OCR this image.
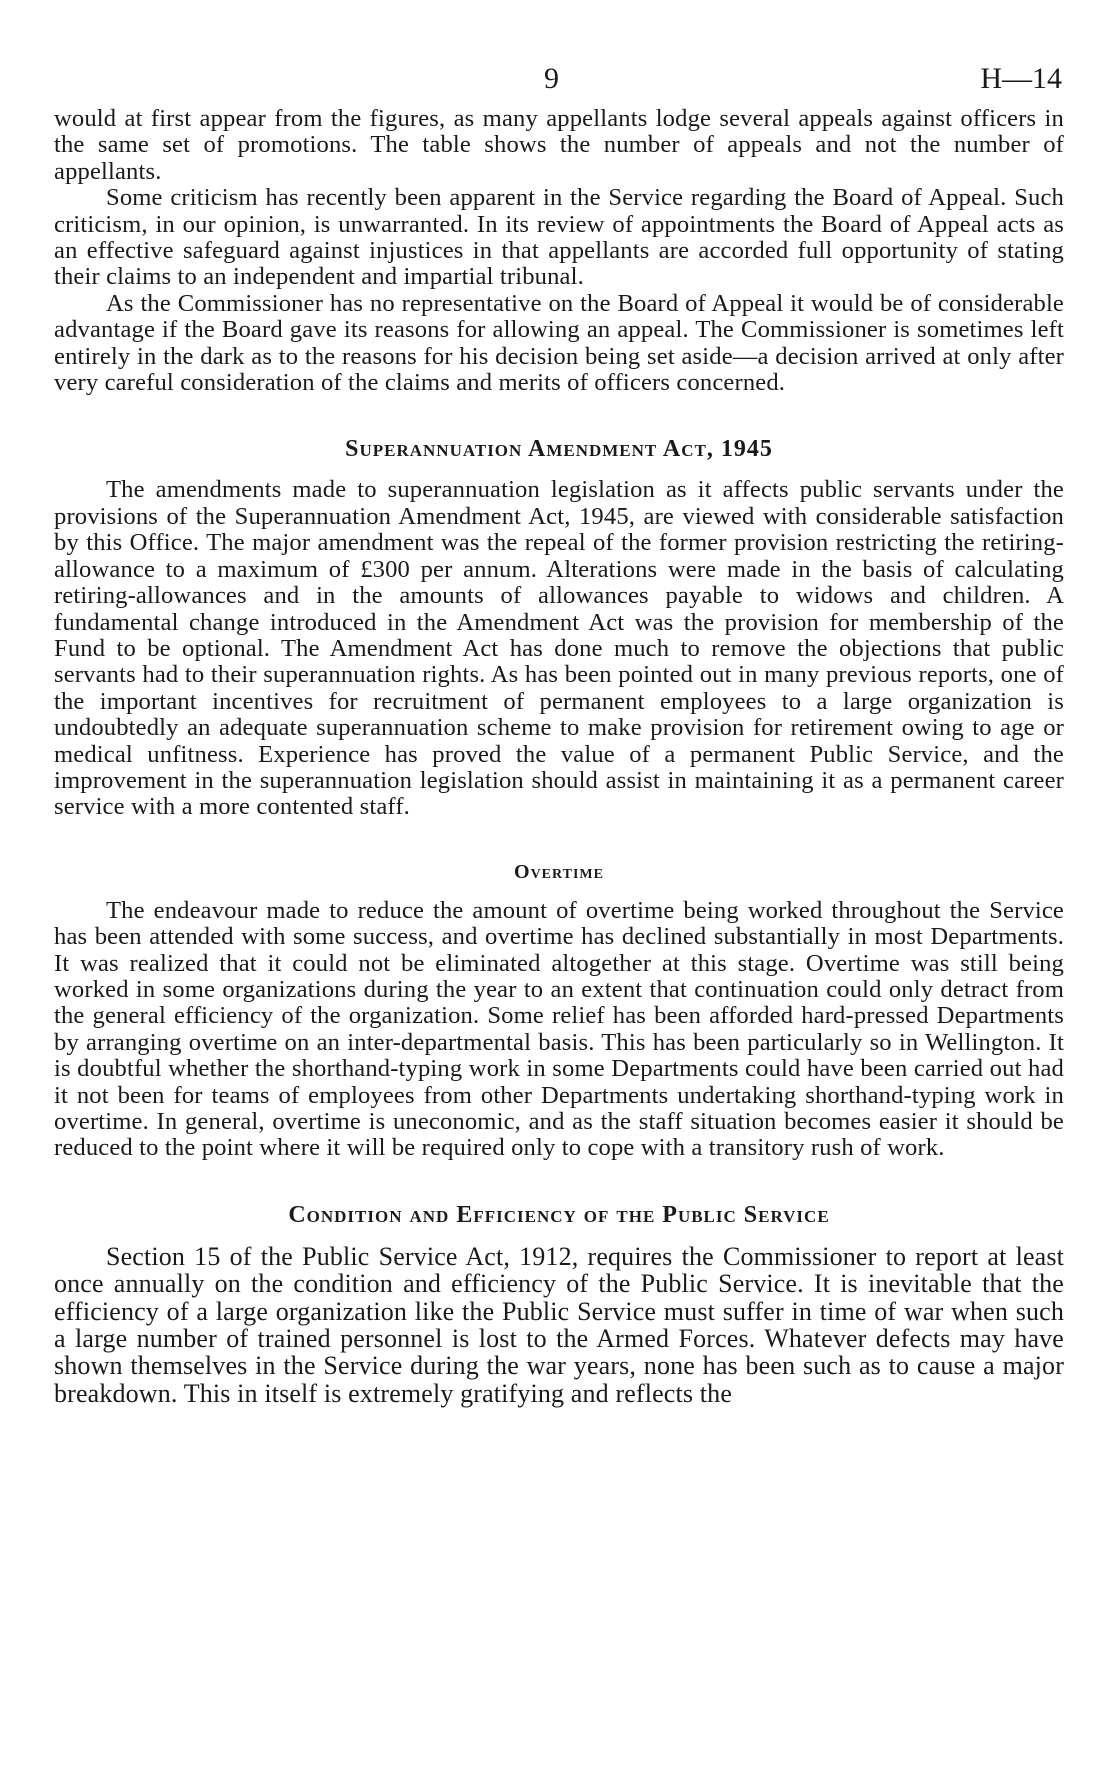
9	H—14

would at first appear from the figures, as many appellants lodge several appeals against officers in the same set of promotions. The table shows the number of appeals and not the number of appellants.

Some criticism has recently been apparent in the Service regarding the Board of Appeal. Such criticism, in our opinion, is unwarranted. In its review of appointments the Board of Appeal acts as an effective safeguard against injustices in that appellants are accorded full opportunity of stating their claims to an independent and impartial tribunal.

As the Commissioner has no representative on the Board of Appeal it would be of considerable advantage if the Board gave its reasons for allowing an appeal. The Commissioner is sometimes left entirely in the dark as to the reasons for his decision being set aside—a decision arrived at only after very careful consideration of the claims and merits of officers concerned.

Superannuation Amendment Act, 1945

The amendments made to superannuation legislation as it affects public servants under the provisions of the Superannuation Amendment Act, 1945, are viewed with considerable satisfaction by this Office. The major amendment was the repeal of the former provision restricting the retiring-allowance to a maximum of £300 per annum. Alterations were made in the basis of calculating retiring-allowances and in the amounts of allowances payable to widows and children. A fundamental change introduced in the Amendment Act was the provision for membership of the Fund to be optional. The Amendment Act has done much to remove the objections that public servants had to their superannuation rights. As has been pointed out in many previous reports, one of the important incentives for recruitment of permanent employees to a large organization is undoubtedly an adequate superannuation scheme to make provision for retirement owing to age or medical unfitness. Experience has proved the value of a permanent Public Service, and the improvement in the superannuation legislation should assist in maintaining it as a permanent career service with a more contented staff.

Overtime

The endeavour made to reduce the amount of overtime being worked throughout the Service has been attended with some success, and overtime has declined substantially in most Departments. It was realized that it could not be eliminated altogether at this stage. Overtime was still being worked in some organizations during the year to an extent that continuation could only detract from the general efficiency of the organization. Some relief has been afforded hard-pressed Departments by arranging overtime on an inter-departmental basis. This has been particularly so in Wellington. It is doubtful whether the shorthand-typing work in some Departments could have been carried out had it not been for teams of employees from other Departments undertaking shorthand-typing work in overtime. In general, overtime is uneconomic, and as the staff situation becomes easier it should be reduced to the point where it will be required only to cope with a transitory rush of work.

Condition and Efficiency of the Public Service

Section 15 of the Public Service Act, 1912, requires the Commissioner to report at least once annually on the condition and efficiency of the Public Service. It is inevitable that the efficiency of a large organization like the Public Service must suffer in time of war when such a large number of trained personnel is lost to the Armed Forces. Whatever defects may have shown themselves in the Service during the war years, none has been such as to cause a major breakdown. This in itself is extremely gratifying and reflects the
